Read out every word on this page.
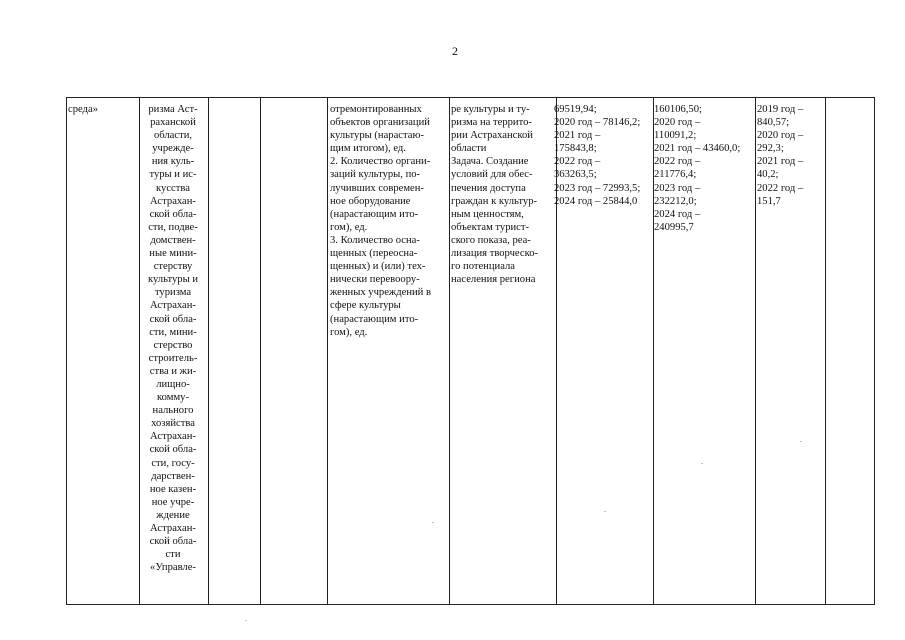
2
среда»	ризма Аст-
раханской
области,
учрежде-
ния куль-
туры и ис-
кусства
Астрахан-
ской обла-
сти, подве-
домствен-
ные мини-
стерству
культуры и
туризма
Астрахан-
ской обла-
сти, мини-
стерство
строитель-
ства и жи-
лищно-
комму-
нального
хозяйства
Астрахан-
ской обла-
сти, госу-
дарствен-
ное казен-
ное учре-
ждение
Астрахан-
ской обла-
сти
«Управле-
отремонтированных
объектов организаций
культуры (нарастаю-
щим итогом), ед.
2. Количество органи-
заций культуры, по-
лучивших современ-
ное оборудование
(нарастающим ито-
гом), ед.
3. Количество осна-
щенных (переосна-
щенных) и (или) тех-
нически перевоору-
женных учреждений в
сфере культуры
(нарастающим ито-
гом), ед.
ре культуры и ту-
ризма на террито-
рии Астраханской
области
Задача. Создание
условий для обес-
печения доступа
граждан к культур-
ным ценностям,
объектам турист-
ского показа, реа-
лизация творческо-
го потенциала
населения региона
69519,94;
2020 год – 78146,2;
2021 год –
175843,8;
2022 год –
363263,5;
2023 год – 72993,5;
2024 год – 25844,0
160106,50;
2020 год –
110091,2;
2021 год – 43460,0;
2022 год –
211776,4;
2023 год –
232212,0;
2024 год –
240995,7
2019 год –
840,57;
2020 год –
292,3;
2021 год –
40,2;
2022 год –
151,7
